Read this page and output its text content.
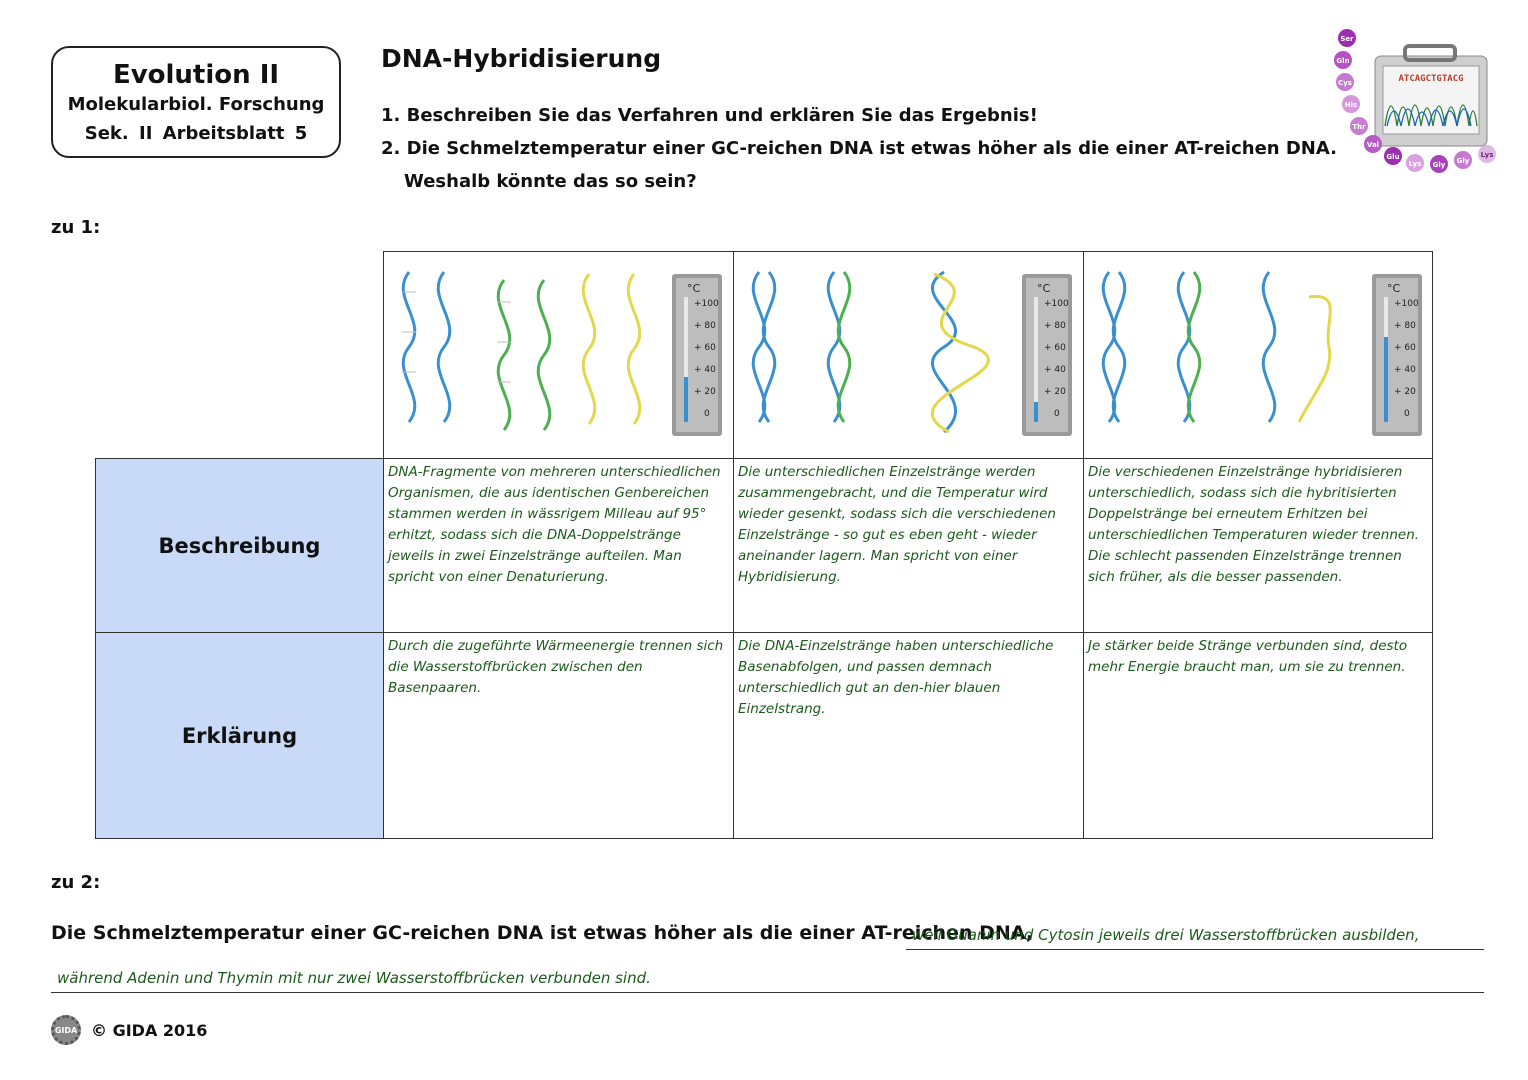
Evolution II
Molekularbiol. Forschung
Sek. II Arbeitsblatt 5
DNA-Hybridisierung
1. Beschreiben Sie das Verfahren und erklären Sie das Ergebnis!
2. Die Schmelztemperatur einer GC-reichen DNA ist etwas höher als die einer AT-reichen DNA.
Weshalb könnte das so sein?
ATCAGCTGTACG
Ser
Gln
Cys
His
Thr
Val
Glu
Lys Gly Gly
Lys
zu 1:
°C
+100
+ 80
+ 60
+ 40
+ 20
0
°C
+100
+ 80
+ 60
+ 40
+ 20
0
°C
+100
+ 80
+ 60
+ 40
+ 20
0
Beschreibung
DNA-Fragmente von mehreren unterschiedlichen Organismen, die aus identischen Genbereichen stammen werden in wässrigem Milleau auf 95° erhitzt, sodass sich die DNA-Doppelstränge jeweils in zwei Einzelstränge aufteilen. Man spricht von einer Denaturierung.
Die unterschiedlichen Einzelstränge werden zusammengebracht, und die Temperatur wird wieder gesenkt, sodass sich die verschiedenen Einzelstränge - so gut es eben geht - wieder aneinander lagern. Man spricht von einer Hybridisierung.
Die verschiedenen Einzelstränge hybridisieren unterschiedlich, sodass sich die hybritisierten Doppelstränge bei erneutem Erhitzen bei unterschiedlichen Temperaturen wieder trennen. Die schlecht passenden Einzelstränge trennen sich früher, als die besser passenden.
Erklärung
Durch die zugeführte Wärmeenergie trennen sich die Wasserstoffbrücken zwischen den Basenpaaren.
Die DNA-Einzelstränge haben unterschiedliche Basenabfolgen, und passen demnach unterschiedlich gut an den-hier blauen Einzelstrang.
Je stärker beide Stränge verbunden sind, desto mehr Energie braucht man, um sie zu trennen.
zu 2:
Die Schmelztemperatur einer GC-reichen DNA ist etwas höher als die einer AT-reichen DNA,
weil Guanin und Cytosin jeweils drei Wasserstoffbrücken ausbilden,
während Adenin und Thymin mit nur zwei Wasserstoffbrücken verbunden sind.
GIDA © GIDA 2016
